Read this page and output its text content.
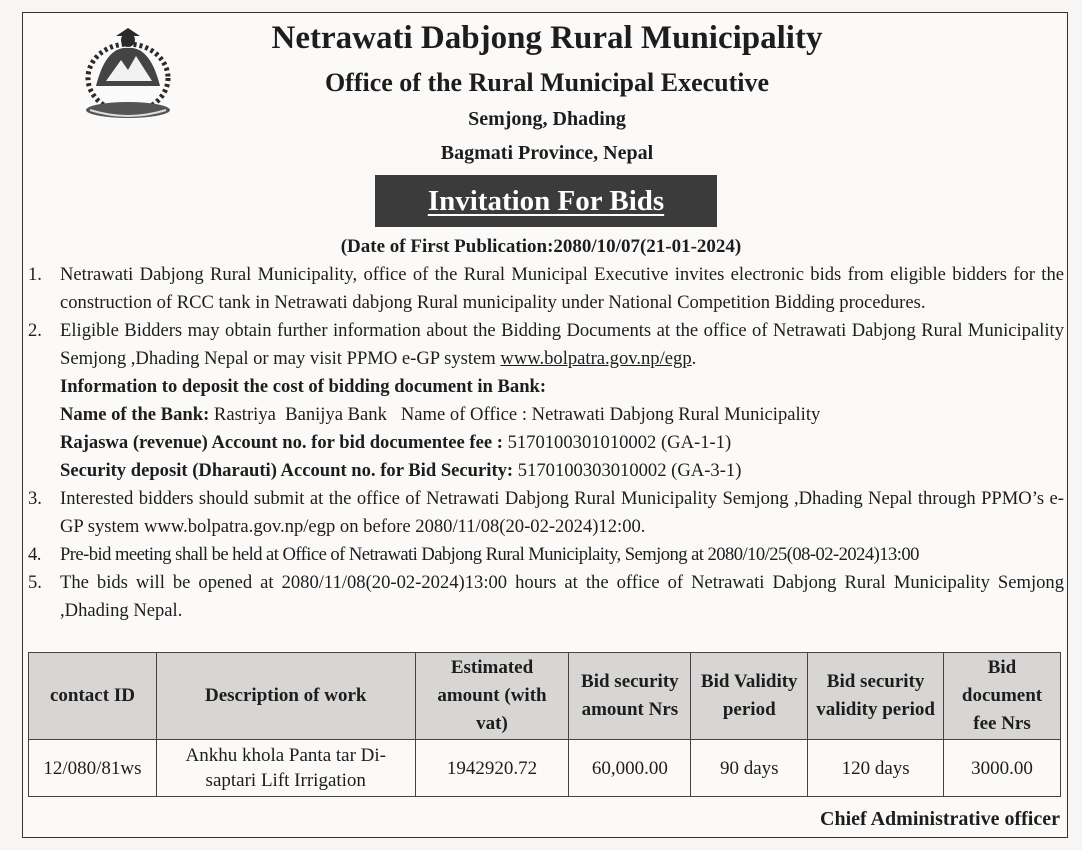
Netrawati Dabjong Rural Municipality
Office of the Rural Municipal Executive
Semjong, Dhading
Bagmati Province, Nepal
Invitation For Bids
(Date of First Publication:2080/10/07(21-01-2024)
1. Netrawati Dabjong Rural Municipality, office of the Rural Municipal Executive invites electronic bids from eligible bidders for the construction of RCC tank in Netrawati dabjong Rural municipality under National Competition Bidding procedures.
2. Eligible Bidders may obtain further information about the Bidding Documents at the office of Netrawati Dabjong Rural Municipality Semjong ,Dhading Nepal or may visit PPMO e-GP system www.bolpatra.gov.np/egp.
Information to deposit the cost of bidding document in Bank:
Name of the Bank: Rastriya  Banijya Bank   Name of Office : Netrawati Dabjong Rural Municipality
Rajaswa (revenue) Account no. for bid documentee fee : 5170100301010002 (GA-1-1)
Security deposit (Dharauti) Account no. for Bid Security: 5170100303010002 (GA-3-1)
3. Interested bidders should submit at the office of Netrawati Dabjong Rural Municipality Semjong ,Dhading Nepal through PPMO’s e-GP system www.bolpatra.gov.np/egp on before 2080/11/08(20-02-2024)12:00.
4. Pre-bid meeting shall be held at Office of Netrawati Dabjong Rural Municiplaity, Semjong at 2080/10/25(08-02-2024)13:00
5. The bids will be opened at 2080/11/08(20-02-2024)13:00 hours at the office of Netrawati Dabjong Rural Municipality Semjong ,Dhading Nepal.
contact ID	Description of work	Estimated amount (with vat)	Bid security amount Nrs	Bid Validity period	Bid security validity period	Bid document fee Nrs
12/080/81ws	Ankhu khola Panta tar Di-saptari Lift Irrigation	1942920.72	60,000.00	90 days	120 days	3000.00
Chief Administrative officer
